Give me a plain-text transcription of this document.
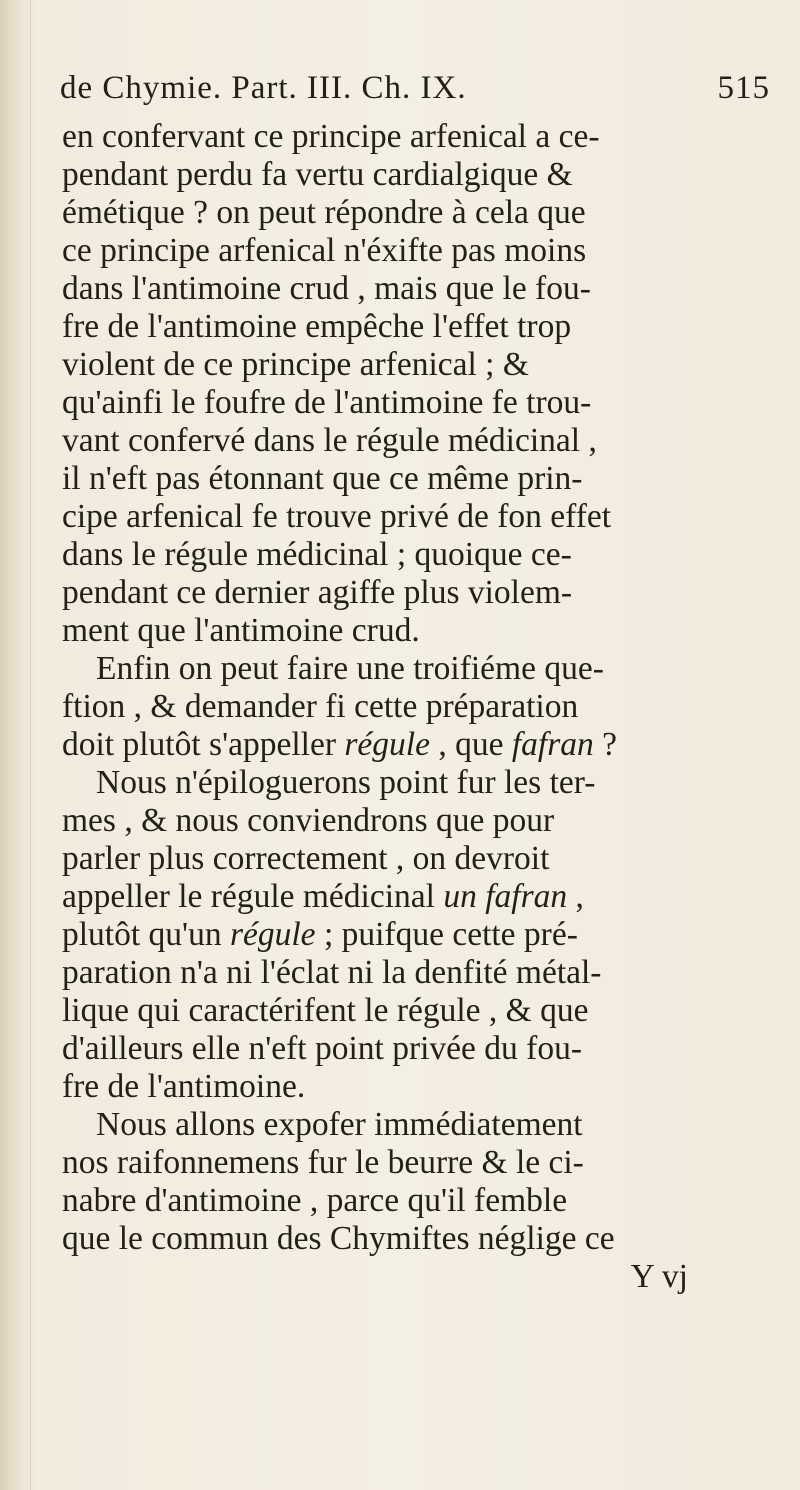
de Chymie. Part. III. Ch. IX.	515
en confervant ce principe arfenical a ce-
pendant perdu fa vertu cardialgique &
émétique ? on peut répondre à cela que
ce principe arfenical n'éxifte pas moins
dans l'antimoine crud , mais que le fou-
fre de l'antimoine empêche l'effet trop
violent de ce principe arfenical ; &
qu'ainfi le foufre de l'antimoine fe trou-
vant confervé dans le régule médicinal ,
il n'eft pas étonnant que ce même prin-
cipe arfenical fe trouve privé de fon effet
dans le régule médicinal ; quoique ce-
pendant ce dernier agiffe plus violem-
ment que l'antimoine crud.
Enfin on peut faire une troifiéme que-
ftion , & demander fi cette préparation
doit plutôt s'appeller régule , que fafran ?
Nous n'épiloguerons point fur les ter-
mes , & nous conviendrons que pour
parler plus correctement , on devroit
appeller le régule médicinal un fafran ,
plutôt qu'un régule ; puifque cette pré-
paration n'a ni l'éclat ni la denfité métal-
lique qui caractérifent le régule , & que
d'ailleurs elle n'eft point privée du fou-
fre de l'antimoine.
Nous allons expofer immédiatement
nos raifonnemens fur le beurre & le ci-
nabre d'antimoine , parce qu'il femble
que le commun des Chymiftes néglige ce
Y vj
